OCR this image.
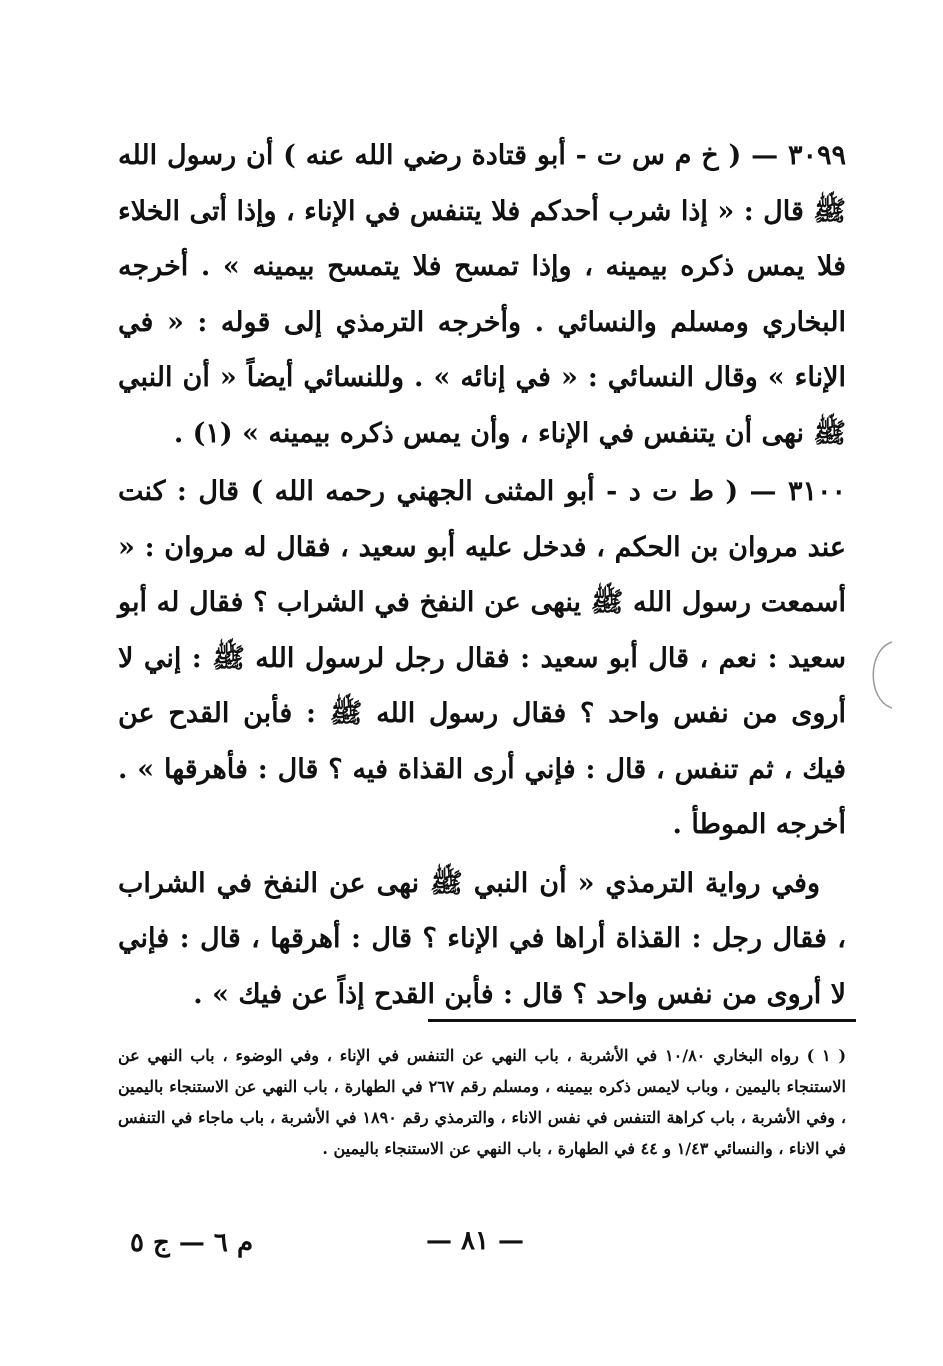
٣٠٩٩ — ( خ م س ت - أبو قتادة رضي الله عنه ) أن رسول الله ﷺ قال : « إذا شرب أحدكم فلا يتنفس في الإناء ، وإذا أتى الخلاء فلا يمس ذكره بيمينه ، وإذا تمسح فلا يتمسح بيمينه » . أخرجه البخاري ومسلم والنسائي . وأخرجه الترمذي إلى قوله : « في الإناء » وقال النسائي : « في إنائه » . وللنسائي أيضاً « أن النبي ﷺ نهى أن يتنفس في الإناء ، وأن يمس ذكره بيمينه » (١) .

٣١٠٠ — ( ط ت د - أبو المثنى الجهني رحمه الله ) قال : كنت عند مروان بن الحكم ، فدخل عليه أبو سعيد ، فقال له مروان : « أسمعت رسول الله ﷺ ينهى عن النفخ في الشراب ؟ فقال له أبو سعيد : نعم ، قال أبو سعيد : فقال رجل لرسول الله ﷺ : إني لا أروى من نفس واحد ؟ فقال رسول الله ﷺ : فأبن القدح عن فيك ، ثم تنفس ، قال : فإني أرى القذاة فيه ؟ قال : فأهرقها » . أخرجه الموطأ .

وفي رواية الترمذي « أن النبي ﷺ نهى عن النفخ في الشراب ، فقال رجل : القذاة أراها في الإناء ؟ قال : أهرقها ، قال : فإني لا أروى من نفس واحد ؟ قال : فأبن القدح إذاً عن فيك » .

( ١ ) رواه البخاري ١٠/٨٠ في الأشربة ، باب النهي عن التنفس في الإناء ، وفي الوضوء ، باب النهي عن الاستنجاء باليمين ، وباب لايمس ذكره بيمينه ، ومسلم رقم ٢٦٧ في الطهارة ، باب النهي عن الاستنجاء باليمين ، وفي الأشربة ، باب كراهة التنفس في نفس الاناء ، والترمذي رقم ١٨٩٠ في الأشربة ، باب ماجاء في التنفس في الاناء ، والنسائي ١/٤٣ و ٤٤ في الطهارة ، باب النهي عن الاستنجاء باليمين .
— ٨١ —
م ٦ — ج ٥
